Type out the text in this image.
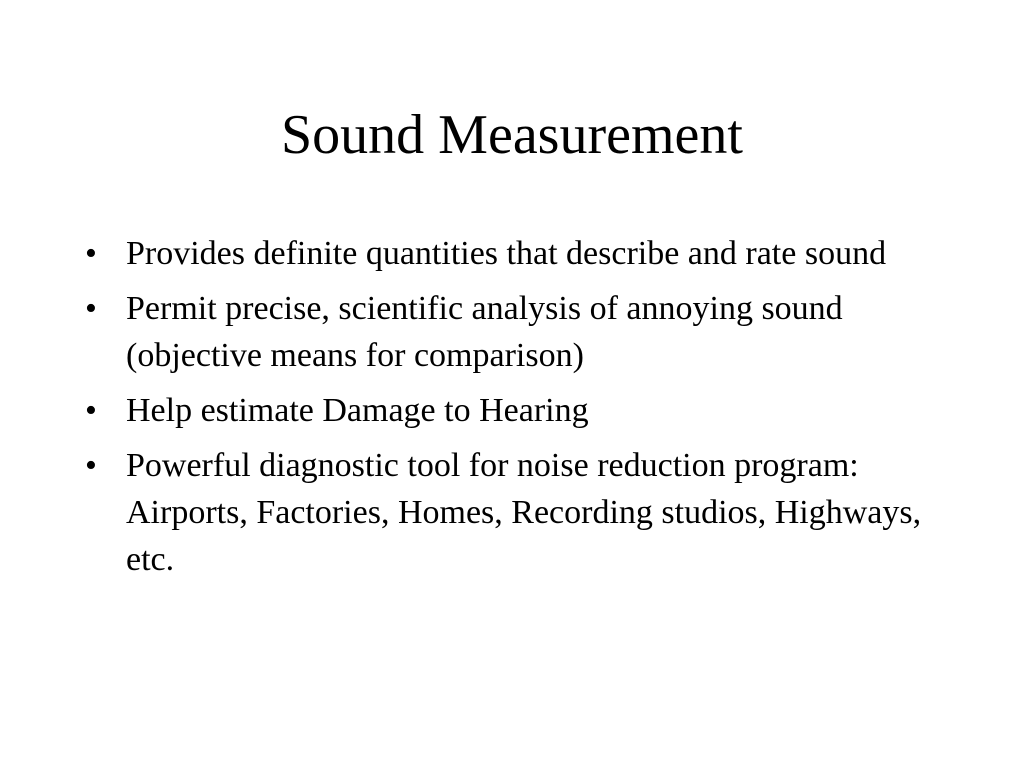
Sound Measurement
• Provides definite quantities that describe and rate sound
• Permit precise, scientific analysis of annoying sound (objective means for comparison)
• Help estimate Damage to Hearing
• Powerful diagnostic tool for noise reduction program: Airports, Factories, Homes, Recording studios, Highways, etc.
